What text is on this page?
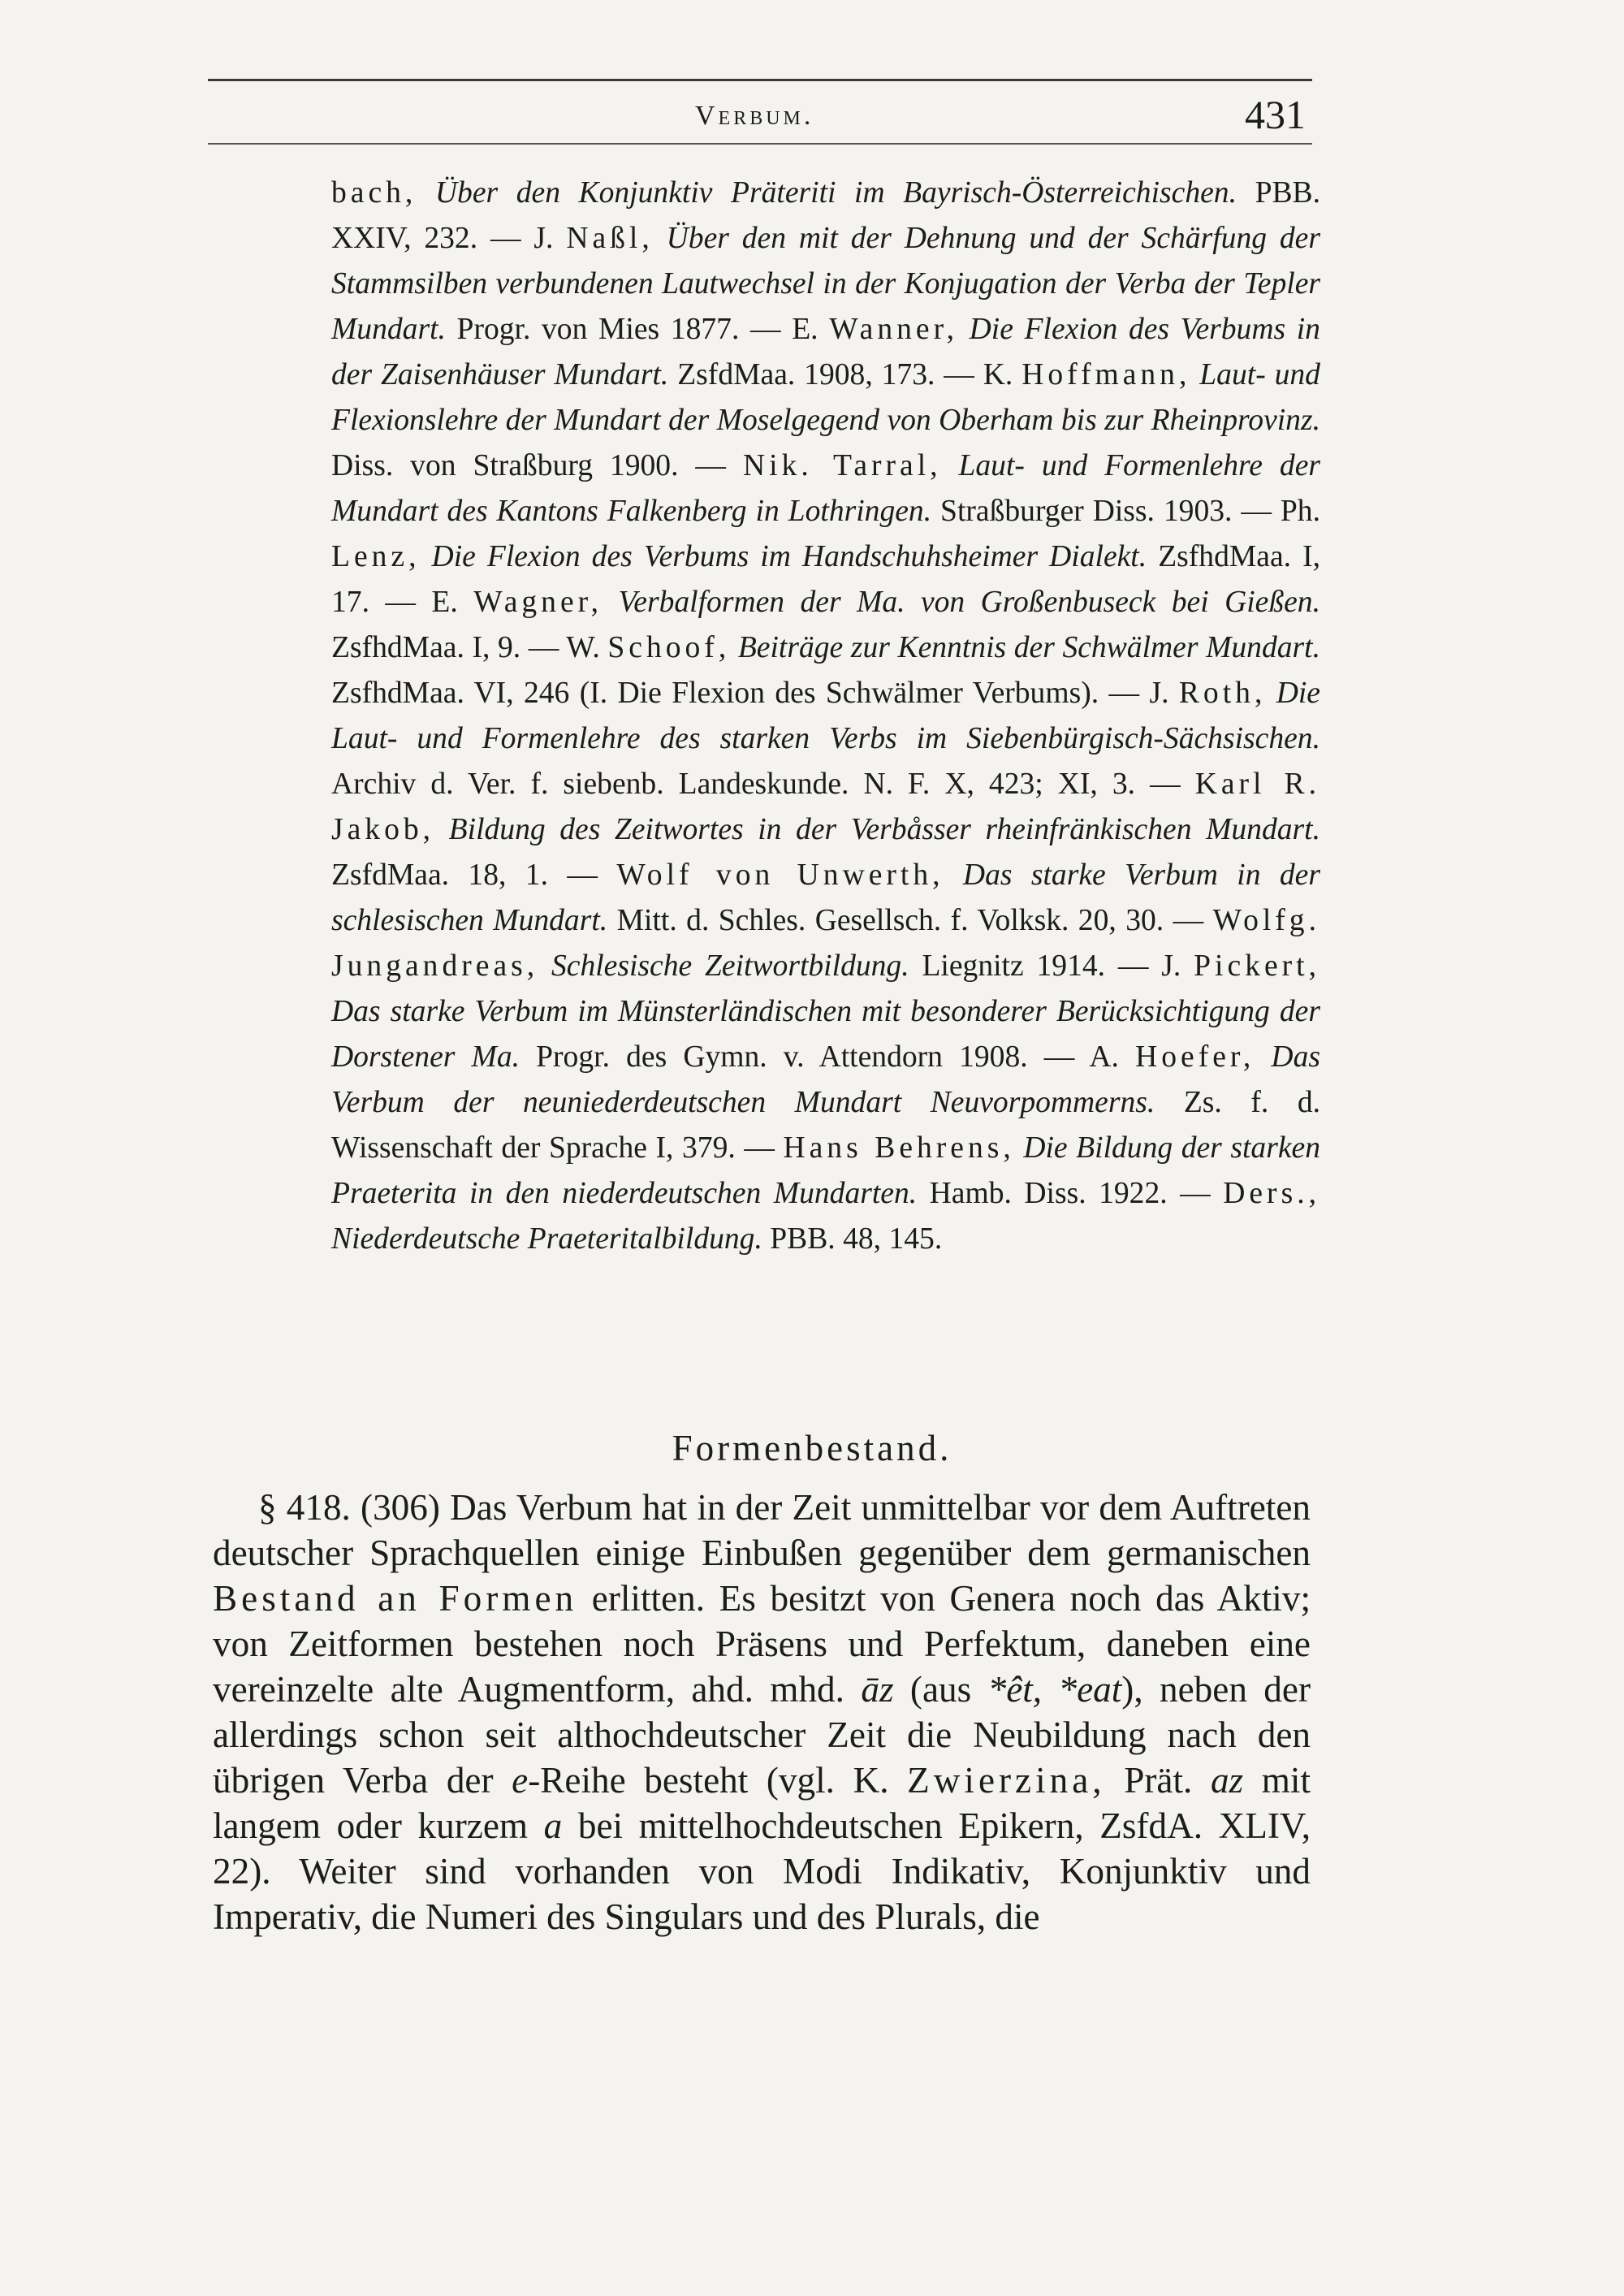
Verbum.	431

bach, Über den Konjunktiv Präteriti im Bayrisch-Österreichischen. PBB. XXIV, 232. — J. Naßl, Über den mit der Dehnung und der Schärfung der Stammsilben verbundenen Lautwechsel in der Konjugation der Verba der Tepler Mundart. Progr. von Mies 1877. — E. Wanner, Die Flexion des Verbums in der Zaisenhäuser Mundart. ZsfdMaa. 1908, 173. — K. Hoffmann, Laut- und Flexionslehre der Mundart der Moselgegend von Oberham bis zur Rheinprovinz. Diss. von Straßburg 1900. — Nik. Tarral, Laut- und Formenlehre der Mundart des Kantons Falkenberg in Lothringen. Straßburger Diss. 1903. — Ph. Lenz, Die Flexion des Verbums im Handschuhsheimer Dialekt. ZsfhdMaa. I, 17. — E. Wagner, Verbalformen der Ma. von Großenbuseck bei Gießen. ZsfhdMaa. I, 9. — W. Schoof, Beiträge zur Kenntnis der Schwälmer Mundart. ZsfhdMaa. VI, 246 (I. Die Flexion des Schwälmer Verbums). — J. Roth, Die Laut- und Formenlehre des starken Verbs im Siebenbürgisch-Sächsischen. Archiv d. Ver. f. siebenb. Landeskunde. N. F. X, 423; XI, 3. — Karl R. Jakob, Bildung des Zeitwortes in der Verbåsser rheinfränkischen Mundart. ZsfdMaa. 18, 1. — Wolf von Unwerth, Das starke Verbum in der schlesischen Mundart. Mitt. d. Schles. Gesellsch. f. Volksk. 20, 30. — Wolfg. Jungandreas, Schlesische Zeitwortbildung. Liegnitz 1914. — J. Pickert, Das starke Verbum im Münsterländischen mit besonderer Berücksichtigung der Dorstener Ma. Progr. des Gymn. v. Attendorn 1908. — A. Hoefer, Das Verbum der neuniederdeutschen Mundart Neuvorpommerns. Zs. f. d. Wissenschaft der Sprache I, 379. — Hans Behrens, Die Bildung der starken Praeterita in den niederdeutschen Mundarten. Hamb. Diss. 1922. — Ders., Niederdeutsche Praeteritalbildung. PBB. 48, 145.

Formenbestand.

§ 418. (306) Das Verbum hat in der Zeit unmittelbar vor dem Auftreten deutscher Sprachquellen einige Einbußen gegenüber dem germanischen Bestand an Formen erlitten. Es besitzt von Genera noch das Aktiv; von Zeitformen bestehen noch Präsens und Perfektum, daneben eine vereinzelte alte Augmentform, ahd. mhd. āz (aus *êt, *eat), neben der allerdings schon seit althochdeutscher Zeit die Neubildung nach den übrigen Verba der e-Reihe besteht (vgl. K. Zwierzina, Prät. az mit langem oder kurzem a bei mittelhochdeutschen Epikern, ZsfdA. XLIV, 22). Weiter sind vorhanden von Modi Indikativ, Konjunktiv und Imperativ, die Numeri des Singulars und des Plurals, die
